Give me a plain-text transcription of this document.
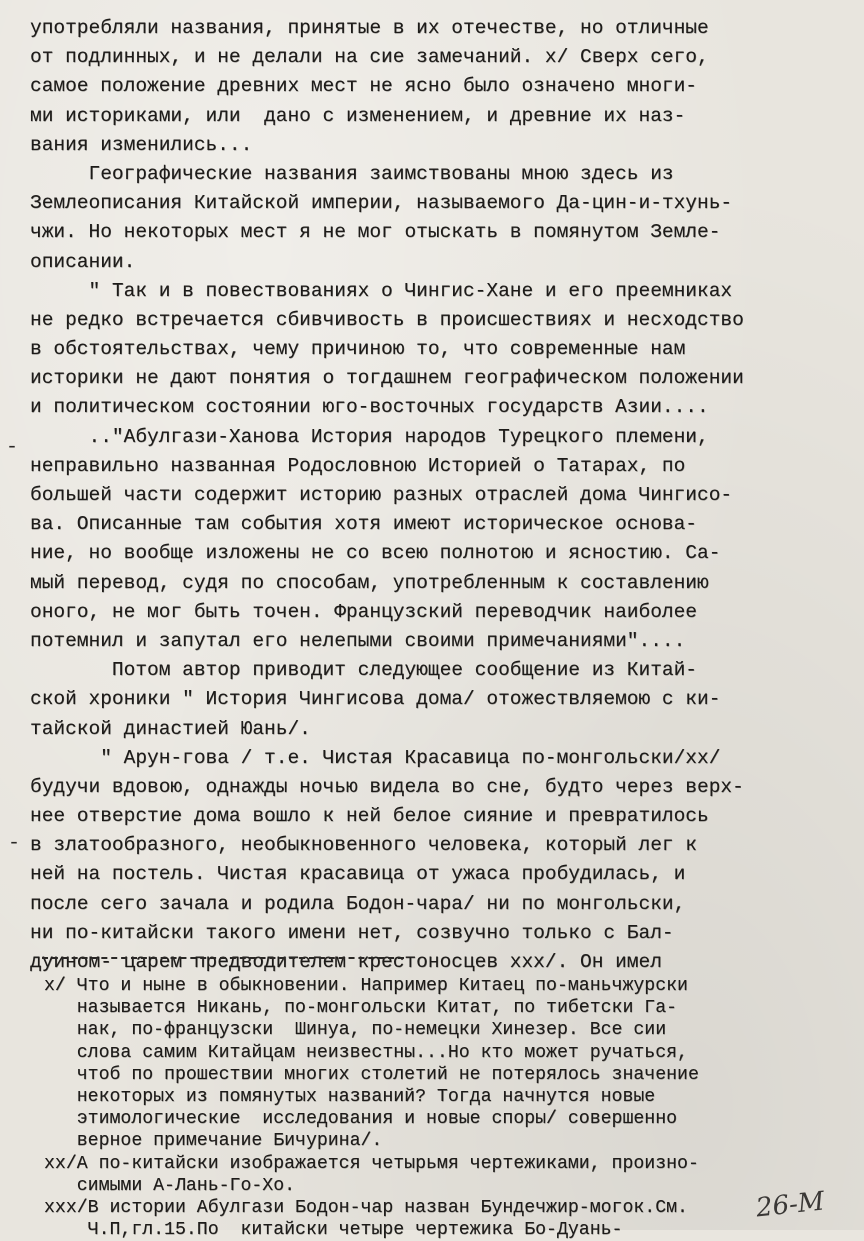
употребляли названия, принятые в их отечестве, но отличные
от подлинных, и не делали на сие замечаний. x/ Сверх сего,
самое положение древних мест не ясно было означено многи-
ми историками, или  дано с изменением, и древние их наз-
вания изменились...
Географические названия заимствованы мною здесь из
Землеописания Китайской империи, называемого Да-цин-и-тхунь-
чжи. Но некоторых мест я не мог отыскать в помянутом Земле-
описании.
" Так и в повествованиях о Чингис-Хане и его преемниках
не редко встречается сбивчивость в происшествиях и несходство
в обстоятельствах, чему причиною то, что современные нам
историки не дают понятия о тогдашнем географическом положении
и политическом состоянии юго-восточных государств Азии....
.."Абулгази-Ханова История народов Турецкого племени,
неправильно названная Родословною Историей о Татарах, по
большей части содержит историю разных отраслей дома Чингисо-
ва. Описанные там события хотя имеют историческое основа-
ние, но вообще изложены не со всею полнотою и ясностию. Са-
мый перевод, судя по способам, употребленным к составлению
оного, не мог быть точен. Французский переводчик наиболее
потемнил и запутал его нелепыми своими примечаниями"....
Потом автор приводит следующее сообщение из Китай-
ской хроники " История Чингисова дома/ отожествляемою с ки-
тайской династией Юань/.
" Арун-гова / т.е. Чистая Красавица по-монгольски/xx/
будучи вдовою, однажды ночью видела во сне, будто через верх-
нее отверстие дома вошло к ней белое сияние и превратилось
в златообразного, необыкновенного человека, который лег к
ней на постель. Чистая красавица от ужаса пробудилась, и
после сего зачала и родила Бодон-чара/ ни по монгольски,
ни по-китайски такого имени нет, созвучно только с Бал-
дуином- царем предводителем крестоносцев xxx/. Он имел
x/ Что и ныне в обыкновении. Например Китаец по-маньчжурски
называется Никань, по-монгольски Китат, по тибетски Га-
нак, по-французски  Шинуа, по-немецки Хинезер. Все сии
слова самим Китайцам неизвестны...Но кто может ручаться,
чтоб по прошествии многих столетий не потерялось значение
некоторых из помянутых названий? Тогда начнутся новые
этимологические  исследования и новые споры/ совершенно
верное примечание Бичурина/.
xx/А по-китайски изображается четырьмя чертежиками, произно-
симыми А-Лань-Го-Хо.
xxx/В истории Абулгази Бодон-чар назван Бундечжир-могок.См.
Ч.П,гл.15.По  китайски четыре чертежика Бо-Дуань-
26-М
-
-
